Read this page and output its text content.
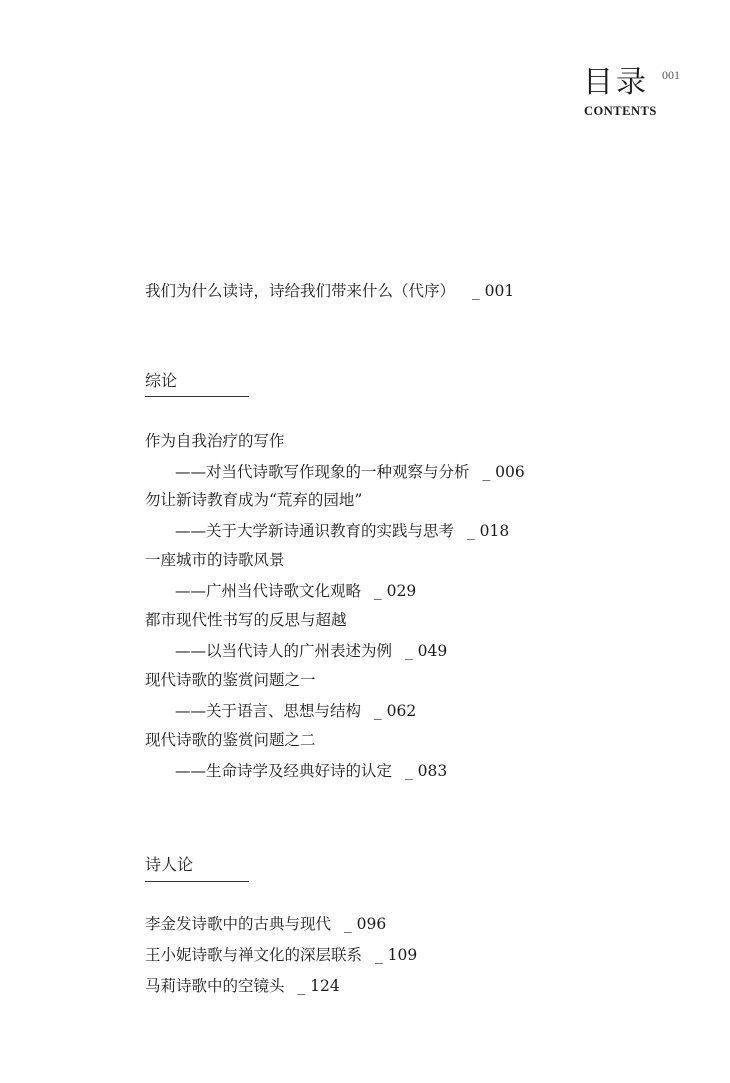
目录 001
CONTENTS
我们为什么读诗，诗给我们带来什么（代序） _ 001
综论
作为自我治疗的写作
——对当代诗歌写作现象的一种观察与分析 _ 006
勿让新诗教育成为“荒弃的园地”
——关于大学新诗通识教育的实践与思考 _ 018
一座城市的诗歌风景
——广州当代诗歌文化观略 _ 029
都市现代性书写的反思与超越
——以当代诗人的广州表述为例 _ 049
现代诗歌的鉴赏问题之一
——关于语言、思想与结构 _ 062
现代诗歌的鉴赏问题之二
——生命诗学及经典好诗的认定 _ 083
诗人论
李金发诗歌中的古典与现代 _ 096
王小妮诗歌与禅文化的深层联系 _ 109
马莉诗歌中的空镜头 _ 124
